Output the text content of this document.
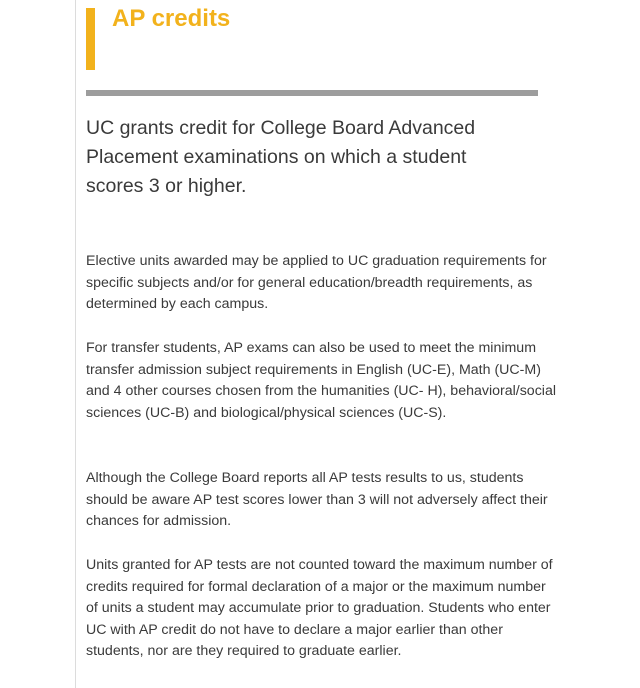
AP credits

UC grants credit for College Board Advanced Placement examinations on which a student scores 3 or higher.

Elective units awarded may be applied to UC graduation requirements for specific subjects and/or for general education/breadth requirements, as determined by each campus.

For transfer students, AP exams can also be used to meet the minimum transfer admission subject requirements in English (UC-E), Math (UC-M) and 4 other courses chosen from the humanities (UC- H), behavioral/social sciences (UC-B) and biological/physical sciences (UC-S).

Although the College Board reports all AP tests results to us, students should be aware AP test scores lower than 3 will not adversely affect their chances for admission.

Units granted for AP tests are not counted toward the maximum number of credits required for formal declaration of a major or the maximum number of units a student may accumulate prior to graduation. Students who enter UC with AP credit do not have to declare a major earlier than other students, nor are they required to graduate earlier.
